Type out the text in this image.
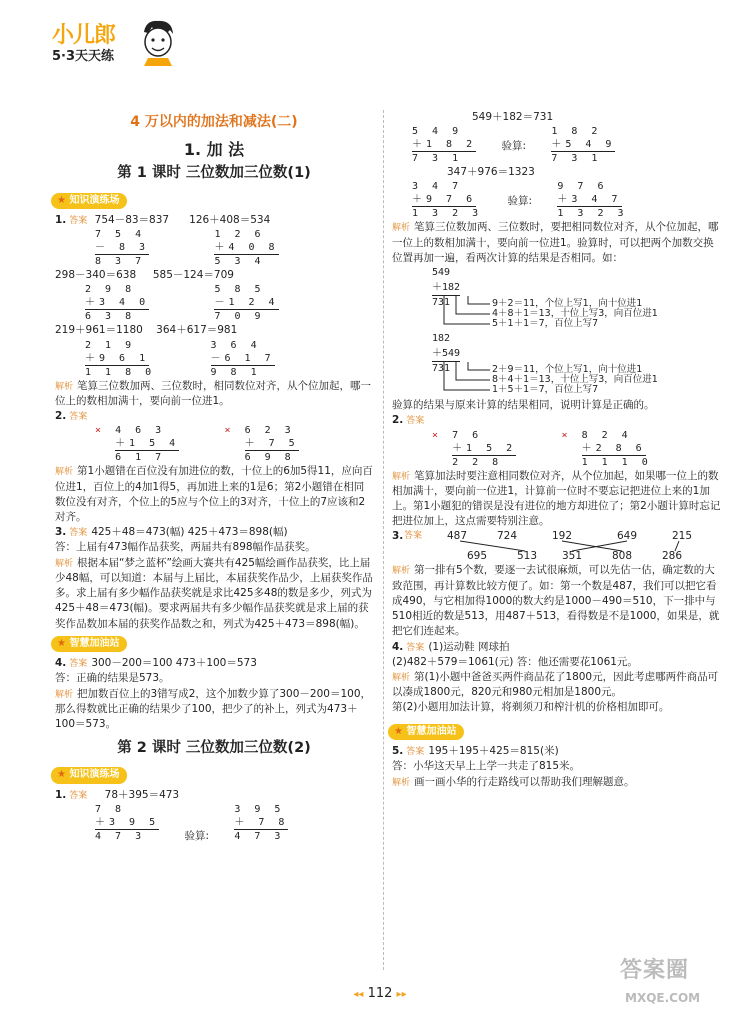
小儿郎
5·3天天练
4 万以内的加法和减法(二)
1. 加 法
第 1 课时 三位数加三位数(1)
★ 知识演练场
1. 答案 754－83＝837 126＋408＝534
7 5 4
－ 8 3
8 3 7

1 2 6
＋4 0 8
5 3 4
298－340＝638 585－124＝709
2 9 8
＋3 4 0
6 3 8

5 8 5
－1 2 4
7 0 9
219＋961＝1180 364＋617＝981
2 1 9
＋9 6 1
1 1 8 0

3 6 4
－6 1 7
9 8 1

解析 笔算三位数加两、三位数时，相同数位对齐，从个位加起，哪一位上的数相加满十，要向前一位进1。

2. 答案
× 4 6 3
＋1 5 4
6 1 7
× 6 2 3
＋ 7 5
6 9 8

解析 第1小题错在百位没有加进位的数，十位上的6加5得11，应向百位进1，百位上的4加1得5，再加进上来的1是6；第2小题错在相同数位没有对齐，个位上的5应与个位上的3对齐，十位上的7应该和2对齐。

3. 答案 425＋48＝473(幅) 425＋473＝898(幅)

答：上届有473幅作品获奖，两届共有898幅作品获奖。

解析 根据本届“梦之蓝杯”绘画大赛共有425幅绘画作品获奖，比上届少48幅，可以知道：本届与上届比，本届获奖作品少，上届获奖作品多。求上届有多少幅作品获奖就是求比425多48的数是多少，列式为425＋48＝473(幅)。要求两届共有多少幅作品获奖就是求上届的获奖作品数加本届的获奖作品数之和，列式为425＋473＝898(幅)。

★ 智慧加油站
4. 答案 300－200＝100 473＋100＝573

答：正确的结果是573。

解析 把加数百位上的3错写成2，这个加数少算了300－200＝100，那么得数就比正确的结果少了100，把少了的补上，列式为473＋100＝573。

第 2 课时 三位数加三位数(2)
★ 知识演练场
1. 答案 78＋395＝473
7 8
＋3 9 5
4 7 3	验算:
3 9 5
＋ 7 8
4 7 3
549＋182＝731
5 4 9
＋1 8 2
7 3 1
验算:
1 8 2
＋5 4 9
7 3 1
347＋976＝1323
3 4 7
＋9 7 6
1 3 2 3
验算:
9 7 6
＋3 4 7
1 3 2 3

解析 笔算三位数加两、三位数时，要把相同数位对齐，从个位加起，哪一位上的数相加满十，要向前一位进1。验算时，可以把两个加数交换位置再加一遍，看两次计算的结果是否相同。如：

549
＋182
731	9＋2＝11，个位上写1，向十位进1
4＋8＋1＝13，十位上写3，向百位进1
5＋1＋1＝7，百位上写7
182
＋549
731	2＋9＝11，个位上写1，向十位进1
8＋4＋1＝13，十位上写3，向百位进1
1＋5＋1＝7，百位上写7

验算的结果与原来计算的结果相同，说明计算是正确的。

2. 答案
× 7 6
＋1 5 2
2 2 8
× 8 2 4
＋2 8 6
1 1 1 0

解析 笔算加法时要注意相同数位对齐，从个位加起，如果哪一位上的数相加满十，要向前一位进1，计算前一位时不要忘记把进位上来的1加上。第1小题犯的错误是没有进位的地方却进位了；第2小题计算时忘记把进位加上，这点需要特别注意。

3. 答案 487	724	192	649	215
695	513 351	808	286

解析 第一排有5个数，要逐一去试很麻烦，可以先估一估，确定数的大致范围，再计算数比较方便了。如：第一个数是487，我们可以把它看成490，与它相加得1000的数大约是1000－490＝510，下一排中与510相近的数是513，用487＋513，看得数是不是1000，如果是，就把它们连起来。

4. 答案 (1)运动鞋 网球拍

(2)482＋579＝1061(元) 答：他还需要花1061元。

解析 第(1)小题中爸爸买两件商品花了1800元，因此考虑哪两件商品可以凑成1800元，820元和980元相加是1800元。

第(2)小题用加法计算，将剃须刀和榨汁机的价格相加即可。

★ 智慧加油站
5. 答案 195＋195＋425＝815(米)

答：小华这天早上上学一共走了815米。

解析 画一画小华的行走路线可以帮助我们理解题意。

◂◂ 112 ▸▸
答案圈
MXQE.COM
